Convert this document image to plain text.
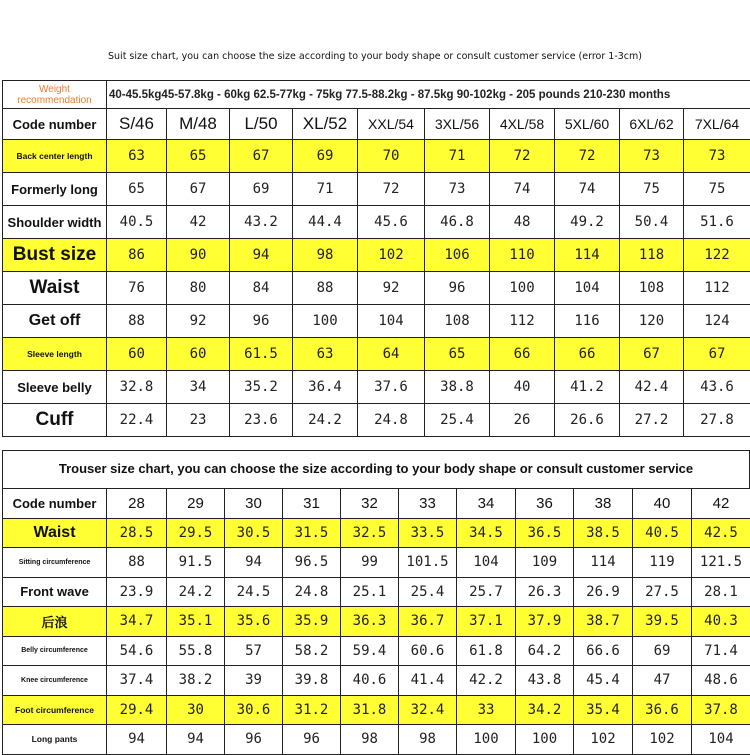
Suit size chart, you can choose the size according to your body shape or consult customer service (error 1-3cm)
Weight
recommendation	40-45.5kg45-57.8kg - 60kg 62.5-77kg - 75kg 77.5-88.2kg - 87.5kg 90-102kg - 205 pounds 210-230 months									
Code number	S/46	M/48	L/50	XL/52	XXL/54	3XL/56	4XL/58	5XL/60	6XL/62	7XL/64
Back center length	63	65	67	69	70	71	72	72	73	73
Formerly long	65	67	69	71	72	73	74	74	75	75
Shoulder width	40.5	42	43.2	44.4	45.6	46.8	48	49.2	50.4	51.6
Bust size	86	90	94	98	102	106	110	114	118	122
Waist	76	80	84	88	92	96	100	104	108	112
Get off	88	92	96	100	104	108	112	116	120	124
Sleeve length	60	60	61.5	63	64	65	66	66	67	67
Sleeve belly	32.8	34	35.2	36.4	37.6	38.8	40	41.2	42.4	43.6
Cuff	22.4	23	23.6	24.2	24.8	25.4	26	26.6	27.2	27.8
Trouser size chart, you can choose the size according to your body shape or consult customer service
Code number	28	29	30	31	32	33	34	36	38	40	42
Waist	28.5	29.5	30.5	31.5	32.5	33.5	34.5	36.5	38.5	40.5	42.5
Sitting circumference	88	91.5	94	96.5	99	101.5	104	109	114	119	121.5
Front wave	23.9	24.2	24.5	24.8	25.1	25.4	25.7	26.3	26.9	27.5	28.1
后浪	34.7	35.1	35.6	35.9	36.3	36.7	37.1	37.9	38.7	39.5	40.3
Belly circumference	54.6	55.8	57	58.2	59.4	60.6	61.8	64.2	66.6	69	71.4
Knee circumference	37.4	38.2	39	39.8	40.6	41.4	42.2	43.8	45.4	47	48.6
Foot circumference	29.4	30	30.6	31.2	31.8	32.4	33	34.2	35.4	36.6	37.8
Long pants	94	94	96	96	98	98	100	100	102	102	104
